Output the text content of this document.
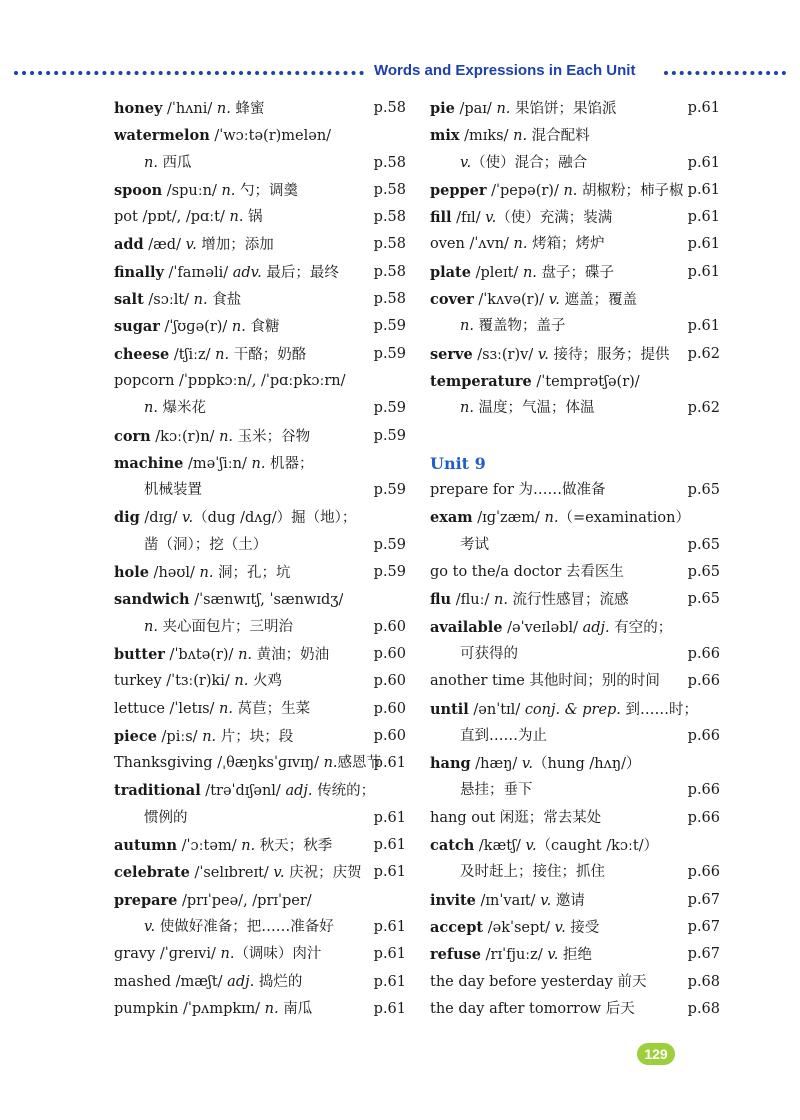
Words and Expressions in Each Unit
honey /ˈhʌni/ n. 蜂蜜	p.58
watermelon /ˈwɔːtə(r)melən/
n. 西瓜	p.58
spoon /spuːn/ n. 勺；调羹	p.58
pot /pɒt/, /pɑːt/ n. 锅	p.58
add /æd/ v. 增加；添加	p.58
finally /ˈfaɪnəli/ adv. 最后；最终 p.58
salt /sɔːlt/ n. 食盐	p.58
sugar /ˈʃʊɡə(r)/ n. 食糖	p.59
cheese /tʃiːz/ n. 干酪；奶酪	p.59
popcorn /ˈpɒpkɔːn/, /ˈpɑːpkɔːrn/
n. 爆米花	p.59
corn /kɔː(r)n/ n. 玉米；谷物	p.59
machine /məˈʃiːn/ n. 机器；
机械装置	p.59
dig /dɪɡ/ v.（dug /dʌɡ/）掘（地）；
凿（洞）；挖（土）	p.59
hole /həʊl/ n. 洞；孔；坑	p.59
sandwich /ˈsænwɪtʃ, ˈsænwɪdʒ/
n. 夹心面包片；三明治	p.60
butter /ˈbʌtə(r)/ n. 黄油；奶油	p.60
turkey /ˈtɜː(r)ki/ n. 火鸡	p.60
lettuce /ˈletɪs/ n. 莴苣；生菜	p.60
piece /piːs/ n. 片；块；段	p.60
Thanksgiving /ˌθæŋksˈɡɪvɪŋ/ n.感恩节
p.61
traditional /trəˈdɪʃənl/ adj. 传统的；
惯例的	p.61
autumn /ˈɔːtəm/ n. 秋天；秋季	p.61
celebrate /ˈselɪbreɪt/ v. 庆祝；庆贺 p.61
prepare /prɪˈpeə/, /prɪˈper/
v. 使做好准备；把……准备好	p.61
gravy /ˈɡreɪvi/ n.（调味）肉汁	p.61
mashed /mæʃt/ adj. 捣烂的	p.61
pumpkin /ˈpʌmpkɪn/ n. 南瓜	p.61
pie /paɪ/ n. 果馅饼；果馅派	p.61
mix /mɪks/ n. 混合配料
v.（使）混合；融合	p.61
pepper /ˈpepə(r)/ n. 胡椒粉；柿子椒 p.61
fill /fɪl/ v.（使）充满；装满	p.61
oven /ˈʌvn/ n. 烤箱；烤炉	p.61
plate /pleɪt/ n. 盘子；碟子	p.61
cover /ˈkʌvə(r)/ v. 遮盖；覆盖
n. 覆盖物；盖子	p.61
serve /sɜː(r)v/ v. 接待；服务；提供 p.62
temperature /ˈtemprətʃə(r)/
n. 温度；气温；体温	p.62
Unit 9
prepare for 为……做准备	p.65
exam /ɪɡˈzæm/ n.（=examination）
考试	p.65
go to the/a doctor 去看医生	p.65
flu /fluː/ n. 流行性感冒；流感	p.65
available /əˈveɪləbl/ adj. 有空的；
可获得的	p.66
another time 其他时间；别的时间 p.66
until /ənˈtɪl/ conj. & prep. 到……时；
直到……为止	p.66
hang /hæŋ/ v.（hung /hʌŋ/）
悬挂；垂下	p.66
hang out 闲逛；常去某处	p.66
catch /kætʃ/ v.（caught /kɔːt/）
及时赶上；接住；抓住	p.66
invite /ɪnˈvaɪt/ v. 邀请	p.67
accept /əkˈsept/ v. 接受	p.67
refuse /rɪˈfjuːz/ v. 拒绝	p.67
the day before yesterday 前天	p.68
the day after tomorrow 后天	p.68
129
